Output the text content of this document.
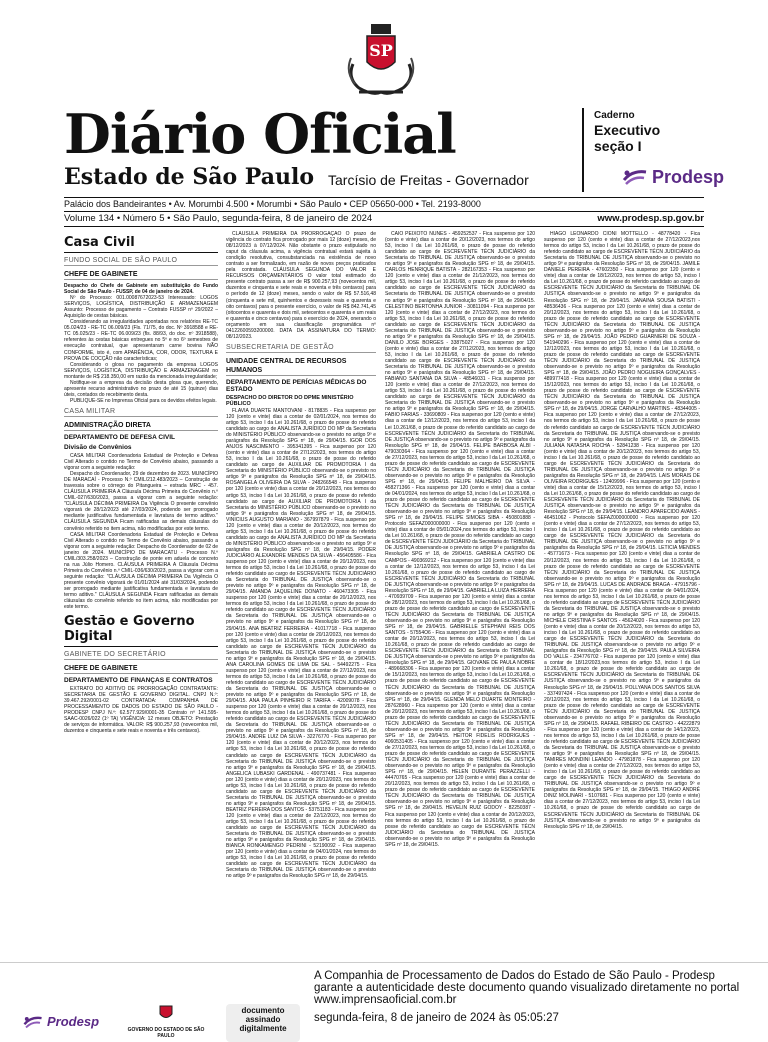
SP
Diário Oficial
Estado de São Paulo Tarcísio de Freitas - Governador
Caderno
Executivo
seção I
Prodesp
Palácio dos Bandeirantes • Av. Morumbi 4.500 • Morumbi • São Paulo • CEP 05650-000 • Tel. 2193-8000
Volume 134 • Número 5 • São Paulo, segunda-feira, 8 de janeiro de 2024	www.prodesp.sp.gov.br
Casa Civil
FUNDO SOCIAL DE SÃO PAULO
CHEFE DE GABINETE

Despacho do Chefe de Gabinete em substituição do Fundo Social de São Paulo - FUSSP, de 04 de janeiro de 2024.

Nº do Processo: 001.00087672023-53 Interessado: LOGOS SERVIÇOS, LOGÍSTICA, DISTRIBUIÇÃO E ARMAZENAGEM Assunto: Processo de pagamento – Contrato FUSSP nº 29/2022 – Aquisição de cestas básicas.

Considerando as irregularidades apontadas nos relatórios RE-TC 05.024/23 - RE-TC 06.009/23 (Fls. 71/75, do doc. Nº 3918588 e RE-TC 05.025/23 - RE-TC 06.009/23 (fls. 88/93, do doc. nº 3918588), referentes às cestas básicas entregues no 5º e no 6º semestres de execução contratual, que apresentaram carne bovina NÃO CONFORME, isto é, com APARÊNCIA, COR, ODOR, TEXTURA E PROVA DE COCÇÃO não características;

Considerando o glosa no pagamento da empresa LOGOS SERVIÇOS, LOGÍSTICA, DISTRIBUIÇÃO E ARMAZENAGEM no montante de R$ 218.350,00 em razão da mencionada irregularidade;

Notifique-se a empresa da decisão desta glosa que, querendo, apresente recurso administrativo no prazo de até 15 (quinze) dias úteis, contados do recebimento desta.

PUBLIQUE-SE no Imprensa Oficial para os devidos efeitos legais.

CASA MILITAR
ADMINISTRAÇÃO DIRETA
DEPARTAMENTO DE DEFESA CIVIL
Divisão de Convênios

CASA MILITAR Coordenadoria Estadual de Proteção e Defesa Civil Alterado o contido no Termo de Convênio abaixo, passando a vigorar com a seguinte redação:

Despacho do Coordenador, 29 de dezembro de 2023. MUNICÍPIO DE MARACAÍ - Processo N.º CMIL/212.483/2023 – Construção de travessia sobre o córrego do Pitangueira – estrada MRC - 457. CLÁUSULA PRIMEIRA A Cláusula Décima Primeira do Convênio n.º CMIL-027/630/2023, passa a vigorar com a seguinte redação: "CLÁUSULA DÉCIMA PRIMEIRA Da Vigência O presente convênio vigorará de 28/12/2023 até 27/03/2024, podendo ser prorrogado mediante justificativa fundamentada e lavratura de termo aditivo." CLÁUSULA SEGUNDA Ficam ratificadas as demais cláusulas do convênio referido no item acima, não modificadas por este termo.

CASA MILITAR Coordenadoria Estadual de Proteção e Defesa Civil Alterado o contido no Termo de Convênio abaixo, passando a vigorar com a seguinte redação: Despacho do Coordenador de 02 de janeiro de 2024. MUNICÍPIO DE MARACATU - Processo N.º CMIL/303.258/2023 – Construção de ponte em aduela de concreto na rua Júlio Homero. CLÁUSULA PRIMEIRA A Cláusula Décima Primeira do Convênio n.º CMIL-036/630/2023, passa a vigorar com a seguinte redação: "CLÁUSULA DÉCIMA PRIMEIRA Da Vigência O presente convênio vigorará de 01/01/2024 até 31/03/2024, podendo ser prorrogado mediante justificativa fundamentada e lavratura de termo aditivo." CLÁUSULA SEGUNDA Ficam ratificadas as demais cláusulas do convênio referido no item acima, não modificadas por este termo.

Gestão e Governo Digital
GABINETE DO SECRETÁRIO
CHEFE DE GABINETE
DEPARTAMENTO DE FINANÇAS E CONTRATOS

EXTRATO DO ADITIVO DE PRORROGAÇÃO CONTRATANTE: SECRETARIA DE GESTÃO E GOVERNO DIGITAL. CNPJ N.º: 39.467.292/0001-02 CONTRATADA: COMPANHIA DE PROCESSAMENTO DE DADOS DO ESTADO DE SÃO PAULO - PRODESP CNPJ N.º: 62.577.929/0001-35 Contrato nº 141.595-SAAC-0026/022 (1º TA) VIGÊNCIA: 12 meses OBJETO: Prestação de serviços de informática. VALOR: R$ 900.257,93 (novecentos mil, duzentos e cinquenta e sete reais e noventa e três centavos).

CLÁUSULA PRIMEIRA DA PRORROGAÇÃO O prazo de vigência do contrato fica prorrogado por mais 12 (doze) meses, de 08/12/2023 à 07/12/2024. Não obstante o prazo estipulado no caput da cláusula acima, a vigência contratual estará sujeita à condição resolutiva, consubstanciada na existência de novo contrato a ser formalizado, em razão de novos preços praticados pela contratada. CLÁUSULA SEGUNDA DO VALOR E RECURSOS ORÇAMENTÁRIOS O valor total estimado do presente contrato passa a ser de R$ 900.257,93 (novecentos mil, duzentos e cinquenta e sete reais e noventa e três centavos) para o período de 12 (doze) meses, sendo o valor de R$ 57.516,48 (cinquenta e sete mil, quinhentos e dezesseis reais e quarenta e oito centavos) para o presente exercício, o valor de R$ 842.741,45 (oitocentos e quarenta e dois mil, setecentos e quarenta e um reais e quarenta e cinco centavos) para o exercício de 2024, onerando o orçamento em sua classificação programática nº 04122600593200000. DATA DA ASSINATURA DO TERMO: 08/12/2023.

SUBSECRETARIA DE GESTÃO
UNIDADE CENTRAL DE RECURSOS HUMANOS
DEPARTAMENTO DE PERÍCIAS MÉDICAS DO ESTADO
DESPACHO DO DIRETOR DO DPME MINISTÉRIO PÚBLICO

FLAVIA DUARTE MANTOVANI - 8178835 - Fica suspenso por 120 (cento e vinte) dias a contar de 02/01/2024, nos termos do artigo 53, inciso I da Lei 10.261/68, o prazo de posse do referido candidato ao cargo de ANALISTA JURÍDICO DO MP da Secretaria do MINISTÉRIO PÚBLICO observando-se o previsto no artigo 9º e parágrafos da Resolução SPG nº 18, de 29/04/15. IGOR DOS ANJOS NASCIMENTO - 395341395 - Fica suspenso por 120 (cento e vinte) dias a contar de 27/12/2023, nos termos do artigo 53, inciso I da Lei 10.261/68, o prazo de posse do referido candidato ao cargo de AUXILIAR DE PROMOTORIA I da Secretaria do MINISTÉRIO PÚBLICO observando-se o previsto no artigo 9º e parágrafos da Resolução SPG nº 18, de 29/04/15. ROSANGELA OLIVEIRA DA SILVA - 248266548 - Fica suspenso por 120 (cento e vinte) dias a contar de 20/12/2023, nos termos do artigo 53, inciso I da Lei 10.261/68, o prazo de posse do referido candidato ao cargo de AUXILIAR DE PROMOTORIA I da Secretaria do MINISTÉRIO PÚBLICO observando-se o previsto no artigo 9º e parágrafos da Resolução SPG nº 18, de 29/04/15. VINICIUS AUGUSTO MARIANO - 367997879 - Fica suspenso por 120 (cento e vinte) dias a contar de 20/12/2023, nos termos do artigo 53, inciso I da Lei 10.261/68, o prazo de posse do referido candidato ao cargo de ANALISTA JURÍDICO DO MP da Secretaria do MINISTÉRIO PÚBLICO observando-se o previsto no artigo 9º e parágrafos da Resolução SPG nº 18, de 29/04/15. PODER JUDICIÁRIO ALEXANDRE MENDES DA SILVA - 456405586 - Fica suspenso por 120 (cento e vinte) dias a contar de 20/12/2023, nos termos do artigo 53, inciso I da Lei 10.261/68, o prazo de posse do referido candidato ao cargo de ESCREVENTE TÉCN JUDICIÁRIO da Secretaria do TRIBUNAL DE JUSTIÇA observando-se o previsto no artigo 9º e parágrafos da Resolução SPG nº 18, de 29/04/15. AMANDA JAQUELINE DONATO - 460473305 - Fica suspenso por 120 (cento e vinte) dias a contar de 20/12/2023, nos termos do artigo 53, inciso I da Lei 10.261/68, o prazo de posse do referido candidato ao cargo de ESCREVENTE TÉCN JUDICIÁRIO da Secretaria do TRIBUNAL DE JUSTIÇA observando-se o previsto no artigo 9º e parágrafos da Resolução SPG nº 18, de 29/04/15. ANA BEATRIZ FERREIRA - 41017718 - Fica suspenso por 120 (cento e vinte) dias a contar de 20/12/2023, nos termos do artigo 53, inciso I da Lei 10.261/68, o prazo de posse do referido candidato ao cargo de ESCREVENTE TÉCN JUDICIÁRIO da Secretaria do TRIBUNAL DE JUSTIÇA observando-se o previsto no artigo 9º e parágrafos da Resolução SPG nº 18, de 29/04/15. ANA CAROLINA GOMES DE LIMA DE SAL - 54492275 - Fica suspenso por 120 (cento e vinte) dias a contar de 27/12/2023, nos termos do artigo 53, inciso I da Lei 10.261/68, o prazo de posse do referido candidato ao cargo de ESCREVENTE TÉCN JUDICIÁRIO da Secretaria do TRIBUNAL DE JUSTIÇA observando-se o previsto no artigo 9º e parágrafos da Resolução SPG nº 18, de 29/04/15. ANA PAULA PINHEIRO R TARIFA - 42009078 - Fica suspenso por 120 (cento e vinte) dias a contar de 20/12/2023, nos termos do artigo 53, inciso I da Lei 10.261/68, o prazo de posse do referido candidato ao cargo de ESCREVENTE TÉCN JUDICIÁRIO da Secretaria do TRIBUNAL DE JUSTIÇA observando-se o previsto no artigo 9º e parágrafos da Resolução SPG nº 18, de 29/04/15. ANDRE LUIZ DA SILVA - 32276770 - Fica suspenso por 120 (cento e vinte) dias a contar de 20/12/2023, nos termos do artigo 53, inciso I da Lei 10.261/68, o prazo de posse do referido candidato ao cargo de ESCREVENTE TÉCN JUDICIÁRIO da Secretaria do TRIBUNAL DE JUSTIÇA observando-se o previsto no artigo 9º e parágrafos da Resolução SPG nº 18, de 29/04/15. ANGELICA LUBASKI GARDENAL - 490737481 - Fica suspenso por 120 (cento e vinte) dias a contar de 20/12/2023, nos termos do artigo 53, inciso I da Lei 10.261/68, o prazo de posse do referido candidato ao cargo de ESCREVENTE TÉCN JUDICIÁRIO da Secretaria do TRIBUNAL DE JUSTIÇA observando-se o previsto no artigo 9º e parágrafos da Resolução SPG nº 18, de 29/04/15. BEATRIZ PEREIRA DOS SANTOS - 53751183 - Fica suspenso por 120 (cento e vinte) dias a contar de 22/12/2023, nos termos do artigo 53, inciso I da Lei 10.261/68, o prazo de posse do referido candidato ao cargo de ESCREVENTE TÉCN JUDICIÁRIO da Secretaria do TRIBUNAL DE JUSTIÇA observando-se o previsto no artigo 9º e parágrafos da Resolução SPG nº 18, de 29/04/15. BIANCA RONKAMENGO PEDRINI - 52190092 - Fica suspenso por 120 (cento e vinte) dias a contar de 04/01/2024, nos termos do artigo 53, inciso I da Lei 10.261/68, o prazo de posse do referido candidato ao cargo de ESCREVENTE TÉCN JUDICIÁRIO da Secretaria do TRIBUNAL DE JUSTIÇA observando-se o previsto no artigo 9º e parágrafos da Resolução SPG nº 18, de 29/04/15.

CAIO PEIXOTO NUNES - 459252537 - Fica suspenso por 120 (cento e vinte) dias a contar de 20/12/2023, nos termos do artigo 53, inciso I da Lei 10.261/68, o prazo de posse do referido candidato ao cargo de ESCREVENTE TÉCN JUDICIÁRIO da Secretaria do TRIBUNAL DE JUSTIÇA observando-se o previsto no artigo 9º e parágrafos da Resolução SPG nº 18, de 29/04/15. CARLOS HENRIQUE BATISTA - 282167353 - Fica suspenso por 120 (cento e vinte) dias a contar de 21/12/2023, nos termos do artigo 53, inciso I da Lei 10.261/68, o prazo de posse do referido candidato ao cargo de ESCREVENTE TÉCN JUDICIÁRIO da Secretaria do TRIBUNAL DE JUSTIÇA observando-se o previsto no artigo 9º e parágrafos da Resolução SPG nº 18, de 29/04/15. CELESTINO BERTONHA JUNIOR - 30811094 - Fica suspenso por 120 (cento e vinte) dias a contar de 27/12/2023, nos termos do artigo 53, inciso I da Lei 10.261/68, o prazo de posse do referido candidato ao cargo de ESCREVENTE TÉCN JUDICIÁRIO da Secretaria do TRIBUNAL DE JUSTIÇA observando-se o previsto no artigo 9º e parágrafos da Resolução SPG nº 18, de 29/04/15. DANILO JOSE BORGES - 33875027 - Fica suspenso por 120 (cento e vinte) dias a contar de 27/12/2023, nos termos do artigo 53, inciso I da Lei 10.261/68, o prazo de posse do referido candidato ao cargo de ESCREVENTE TÉCN JUDICIÁRIO da Secretaria do TRIBUNAL DE JUSTIÇA observando-se o previsto no artigo 9º e parágrafos da Resolução SPG nº 18, de 29/04/15. FABIANO SANTANA DA SILVA - 48546031 - Fica suspenso por 120 (cento e vinte) dias a contar de 27/12/2023, nos termos do artigo 53, inciso I da Lei 10.261/68, o prazo de posse do referido candidato ao cargo de ESCREVENTE TÉCN JUDICIÁRIO da Secretaria do TRIBUNAL DE JUSTIÇA observando-se o previsto no artigo 9º e parágrafos da Resolução SPG nº 18, de 29/04/15. FABIO FARIAS - 33690809 - Fica suspenso por 120 (cento e vinte) dias a contar de 12/12/2023, nos termos do artigo 53, inciso I da Lei 10.261/68, o prazo de posse do referido candidato ao cargo de ESCREVENTE TÉCN JUDICIÁRIO da Secretaria do TRIBUNAL DE JUSTIÇA observando-se o previsto no artigo 9º e parágrafos da Resolução SPG nº 18, de 29/04/15. FELIPE BARBOSA ALBI - 479030364 - Fica suspenso por 120 (cento e vinte) dias a contar de 27/12/2023, nos termos do artigo 53, inciso I da Lei 10.261/68, o prazo de posse do referido candidato ao cargo de ESCREVENTE TÉCN JUDICIÁRIO da Secretaria do TRIBUNAL DE JUSTIÇA observando-se o previsto no artigo 9º e parágrafos da Resolução SPG nº 18, de 29/04/15. FELIPE MALHEIRO DA SILVA - 458271366 - Fica suspenso por 120 (cento e vinte) dias a contar de 04/01/2024, nos termos do artigo 53, inciso I da Lei 10.261/68, o prazo de posse do referido candidato ao cargo de ESCREVENTE TÉCN JUDICIÁRIO da Secretaria do TRIBUNAL DE JUSTIÇA observando-se o previsto no artigo 9º e parágrafos da Resolução SPG nº 18, de 29/04/15. FELIPE SIMOES SIBA - 450801888 - Protocolo SEFAZ000000000 - Fica suspenso por 120 (cento e vinte) dias a contar de 05/01/2024,nos termos do artigo 53, inciso I da Lei 10.261/68, o prazo de posse do referido candidato ao cargo de ESCREVENTE TÉCN JUDICIÁRIO da Secretaria do TRIBUNAL DE JUSTIÇA observando-se o previsto no artigo 9º e parágrafos da Resolução SPG nº 18, de 29/04/15. GABRIELA CASTRO DE CAMPOS - 490369212 - Fica suspenso por 120 (cento e vinte) dias a contar de 12/12/2023, nos termos do artigo 53, inciso I da Lei 10.261/68, o prazo de posse do referido candidato ao cargo de ESCREVENTE TÉCN JUDICIÁRIO da Secretaria do TRIBUNAL DE JUSTIÇA observando-se o previsto no artigo 9º e parágrafos da Resolução SPG nº 18, de 29/04/15. GABRIELLA LUIZA HERRERA - 470939709 - Fica suspenso por 120 (cento e vinte) dias a contar de 28/12/2023, nos termos do artigo 53, inciso I da Lei 10.261/68, o prazo de posse do referido candidato ao cargo de ESCREVENTE TÉCN JUDICIÁRIO da Secretaria do TRIBUNAL DE JUSTIÇA observando-se o previsto no artigo 9º e parágrafos da Resolução SPG nº 18, de 29/04/15. GABRIELLE STEPHANI REIS DOS SANTOS - 57554O6 - Fica suspenso por 120 (cento e vinte) dias a contar de 20/12/2023, nos termos do artigo 53, inciso I da Lei 10.261/68, o prazo de posse do referido candidato ao cargo de ESCREVENTE TÉCN JUDICIÁRIO da Secretaria do TRIBUNAL DE JUSTIÇA observando-se o previsto no artigo 9º e parágrafos da Resolução SPG nº 18, de 29/04/15. GIOVANE DE PAULA NOBRE - 489668306 - Fica suspenso por 120 (cento e vinte) dias a contar de 15/12/2023, nos termos do artigo 53, inciso I da Lei 10.261/68, o prazo de posse do referido candidato ao cargo de ESCREVENTE TÉCN JUDICIÁRIO da Secretaria do TRIBUNAL DE JUSTIÇA observando-se o previsto no artigo 9º e parágrafos da Resolução SPG nº 18, de 29/04/15. GLENDA MELO DUARTE MONTEIRO - 287628960 - Fica suspenso por 120 (cento e vinte) dias a contar de 20/12/2023, nos termos do artigo 53, inciso I da Lei 10.261/68, o prazo de posse do referido candidato ao cargo de ESCREVENTE TÉCN JUDICIÁRIO da Secretaria do TRIBUNAL DE JUSTIÇA observando-se o previsto no artigo 9º e parágrafos da Resolução SPG nº 18, de 29/04/15. HEITOR FIDELIS RODRIGUES - 4060531405 - Fica suspenso por 120 (cento e vinte) dias a contar de 27/12/2023, nos termos do artigo 53, inciso I da Lei 10.261/68, o prazo de posse do referido candidato ao cargo de ESCREVENTE TÉCN JUDICIÁRIO da Secretaria do TRIBUNAL DE JUSTIÇA observando-se o previsto no artigo 9º e parágrafos da Resolução SPG nº 18, de 29/04/15. HELEN DURANTE PERAZZELLI - 44470765 - Fica suspenso por 120 (cento e vinte) dias a contar de 20/12/2023, nos termos do artigo 53, inciso I da Lei 10.261/68, o prazo de posse do referido candidato ao cargo de ESCREVENTE TÉCN JUDICIÁRIO da Secretaria do TRIBUNAL DE JUSTIÇA observando-se o previsto no artigo 9º e parágrafos da Resolução SPG nº 18, de 29/04/15. HEVELIN RUIZ GODOY - 82250387 - Fica suspenso por 120 (cento e vinte) dias a contar de 20/12/2023, nos termos do artigo 53, inciso I da Lei 10.261/68, o prazo de posse do referido candidato ao cargo de ESCREVENTE TÉCN JUDICIÁRIO da Secretaria do TRIBUNAL DE JUSTIÇA observando-se o previsto no artigo 9º e parágrafos da Resolução SPG nº 18, de 29/04/15.

HIAGO LEONARDO CIONI MOTTELLO - 48778420 - Fica suspenso por 120 (cento e vinte) dias a contar de 27/12/2023,nos termos do artigo 53, inciso I da Lei 10.261/68, o prazo de posse do referido candidato ao cargo de ESCREVENTE TÉCN JUDICIÁRIO da Secretaria do TRIBUNAL DE JUSTIÇA observando-se o previsto no artigo 9º e parágrafos da Resolução SPG nº 18, de 29/04/15. JAMILE DANIELE PEREIRA - 47602350 - Fica suspenso por 120 (cento e vinte) dias a contar de 18/12/2023, nos termos do artigo 53, inciso I da Lei 10.261/68, o prazo de posse do referido candidato ao cargo de ESCREVENTE TÉCN JUDICIÁRIO da Secretaria do TRIBUNAL DE JUSTIÇA observando-se o previsto no artigo 9º e parágrafos da Resolução SPG nº 18, de 29/04/15. JANAINA SOUSA BATISTI - 48536436 - Fica suspenso por 120 (cento e vinte) dias a contar de 20/12/2023, nos termos do artigo 53, inciso I da Lei 10.261/68, o prazo de posse do referido candidato ao cargo de ESCREVENTE TÉCN JUDICIÁRIO da Secretaria do TRIBUNAL DE JUSTIÇA observando-se o previsto no artigo 9º e parágrafos da Resolução SPG nº 18, de 29/04/15. JOÃO PEDRO GUARNIERI DE SOUZA - 541940296 - Fica suspenso por 120 (cento e vinte) dias a contar de 12/12/2023, nos termos do artigo 53, inciso I da Lei 10.261/68, o prazo de posse do referido candidato ao cargo de ESCREVENTE TÉCN JUDICIÁRIO da Secretaria do TRIBUNAL DE JUSTIÇA observando-se o previsto no artigo 9º e parágrafos da Resolução SPG nº 18, de 29/04/15. JOÃO PEDRO NOGUEIRA GONÇALVES - 489977418 - Fica suspenso por 120 (cento e vinte) dias a contar de 15/12/2023, nos termos do artigo 53, inciso I da Lei 10.261/68, o prazo de posse do referido candidato ao cargo de ESCREVENTE TÉCN JUDICIÁRIO da Secretaria do TRIBUNAL DE JUSTIÇA observando-se o previsto no artigo 9º e parágrafos da Resolução SPG nº 18, de 29/04/15. JORGE CARVALHO MARTINS - 48344005 - Fica suspenso por 120 (cento e vinte) dias a contar de 27/12/2023, nos termos do artigo 53, inciso I da Lei 10.261/68, o prazo de posse do referido candidato ao cargo de ESCREVENTE TÉCN JUDICIÁRIO da Secretaria do TRIBUNAL DE JUSTIÇA observando-se o previsto no artigo 9º e parágrafos da Resolução SPG nº 18, de 29/04/15. JULIANA NATASHA ROCHA - 52841238 - Fica suspenso por 120 (cento e vinte) dias a contar de 20/12/2023, nos termos do artigo 53, inciso I da Lei 10.261/68, o prazo de posse do referido candidato ao cargo de ESCREVENTE TÉCN JUDICIÁRIO da Secretaria do TRIBUNAL DE JUSTIÇA observando-se o previsto no artigo 9º e parágrafos da Resolução SPG nº 18, de 29/04/15. LAIS MORAIS DE OLIVEIRA RODRIGUES - 12409996 - Fica suspenso por 120 (cento e vinte) dias a contar de 15/12/2023, nos termos do artigo 53, inciso I da Lei 10.261/68, o prazo de posse do referido candidato ao cargo de ESCREVENTE TÉCN JUDICIÁRIO da Secretaria do TRIBUNAL DE JUSTIÇA observando-se o previsto no artigo 9º e parágrafos da Resolução SPG nº 18, de 29/04/15. LEANDRO APARECIDO AVANS - 46451062 - Protocolo SEFAZ000000000 - Fica suspenso por 120 (cento e vinte) dias a contar de 27/12/2023, nos termos do artigo 53, inciso I da Lei 10.261/68, o prazo de posse do referido candidato ao cargo de ESCREVENTE TÉCN JUDICIÁRIO da Secretaria do TRIBUNAL DE JUSTIÇA observando-se o previsto no artigo 9º e parágrafos da Resolução SPG nº 18, de 29/04/15. LETICIA MENDES - 45771673 - Fica suspenso por 120 (cento e vinte) dias a contar de 20/12/2023, nos termos do artigo 53, inciso I da Lei 10.261/68, o prazo de posse do referido candidato ao cargo de ESCREVENTE TÉCN JUDICIÁRIO da Secretaria do TRIBUNAL DE JUSTIÇA observando-se o previsto no artigo 9º e parágrafos da Resolução SPG nº 18, de 29/04/15. LUCAS DE ANDRADE BRAGA - 47915796 - Fica suspenso por 120 (cento e vinte) dias a contar de 04/01/2024, nos termos do artigo 53, inciso I da Lei 10.261/68, o prazo de posse do referido candidato ao cargo de ESCREVENTE TÉCN JUDICIÁRIO da Secretaria do TRIBUNAL DE JUSTIÇA observando-se o previsto no artigo 9º e parágrafos da Resolução SPG nº 18, de 29/04/15. MICHELE CRISTINA F SANTOS - 45624020 - Fica suspenso por 120 (cento e vinte) dias a contar de 20/12/2023, nos termos do artigo 53, inciso I da Lei 10.261/68, o prazo de posse do referido candidato ao cargo de ESCREVENTE TÉCN JUDICIÁRIO da Secretaria do TRIBUNAL DE JUSTIÇA observando-se o previsto no artigo 9º e parágrafos da Resolução SPG nº 18, de 29/04/15. PAULA SILVEIRA DO VALLE - 234776702 - Fica suspenso por 120 (cento e vinte) dias a contar de 18/12/2023,nos termos do artigo 53, inciso I da Lei 10.261/68, o prazo de posse do referido candidato ao cargo de ESCREVENTE TÉCN JUDICIÁRIO da Secretaria do TRIBUNAL DE JUSTIÇA observando-se o previsto no artigo 9º e parágrafos da Resolução SPG nº 18, de 29/04/15. POLLYANA DOS SANTOS SILVA - 337497424 - Fica suspenso por 120 (cento e vinte) dias a contar de 20/12/2023, nos termos do artigo 53, inciso I da Lei 10.261/68, o prazo de posse do referido candidato ao cargo de ESCREVENTE TÉCN JUDICIÁRIO da Secretaria do TRIBUNAL DE JUSTIÇA observando-se o previsto no artigo 9º e parágrafos da Resolução SPG nº 18, de 29/04/15. RAFAEL RIBEIRO DE CASTRO - 44222879 - Fica suspenso por 120 (cento e vinte) dias a contar de 14/12/2023, nos termos do artigo 53, inciso I da Lei 10.261/68, o prazo de posse do referido candidato ao cargo de ESCREVENTE TÉCN JUDICIÁRIO da Secretaria do TRIBUNAL DE JUSTIÇA observando-se o previsto no artigo 9º e parágrafos da Resolução SPG nº 18, de 29/04/15. TAMIRES MONDINI LEANDO - 47981878 - Fica suspenso por 120 (cento e vinte) dias a contar de 27/12/2023, nos termos do artigo 53, inciso I da Lei 10.261/68, o prazo de posse do referido candidato ao cargo de ESCREVENTE TÉCN JUDICIÁRIO da Secretaria do TRIBUNAL DE JUSTIÇA observando-se o previsto no artigo 9º e parágrafos da Resolução SPG nº 18, de 29/04/15. THIAGO ANDRÉ DINIZ MOLINARI - 5107681 - Fica suspenso por 120 (cento e vinte) dias a contar de 27/12/2023, nos termos do artigo 53, inciso I da Lei 10.261/68, o prazo de posse do referido candidato ao cargo de ESCREVENTE TÉCN JUDICIÁRIO da Secretaria do TRIBUNAL DE JUSTIÇA observando-se o previsto no artigo 9º e parágrafos da Resolução SPG nº 18, de 29/04/15.

Prodesp
GOVERNO DO ESTADO DE SÃO PAULO
documento assinado digitalmente
A Companhia de Processamento de Dados do Estado de São Paulo - Prodesp garante a autenticidade deste documento quando visualizado diretamente no portal www.imprensaoficial.com.br
segunda-feira, 8 de janeiro de 2024 às 05:05:27
